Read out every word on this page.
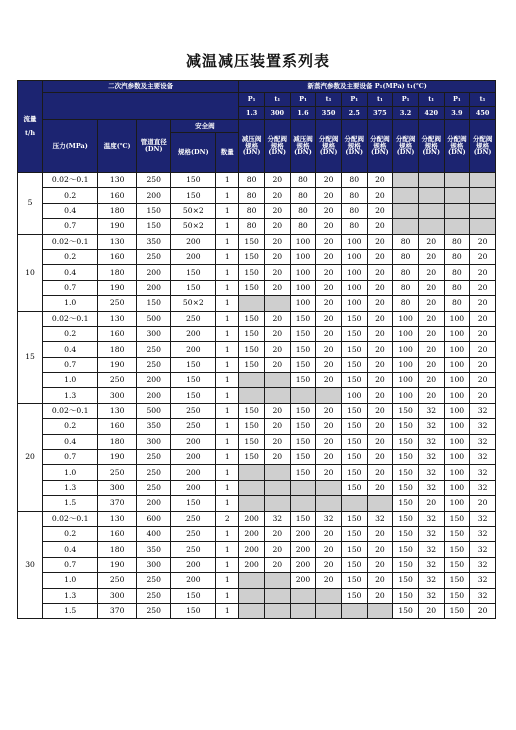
减温减压装置系列表
流量

t/h	二次汽参数及主要设备					新蒸汽参数及主要设备 P₁(MPa) t₁(℃)									
						P₁	t₁	P₁	t₁	P₁	t₁	P₁	t₁	P₁	t₁
						1.3	300	1.6	350	2.5	375	3.2	420	3.9	450
	压力(MPa)	温度(℃)	管道直径(DN)	安全阀		减压阀规格(DN)	分配阀规格(DN)	减压阀规格(DN)	分配阀规格(DN)	分配阀规格(DN)	分配阀规格(DN)	分配阀规格(DN)	分配阀规格(DN)	分配阀规格(DN)	分配阀规格(DN)
				规格(DN)	数量										
5	0.02～0.1	130	250	150	1	80	20	80	20	80	20				
	0.2	160	200	150	1	80	20	80	20	80	20				
	0.4	180	150	50×2	1	80	20	80	20	80	20				
	0.7	190	150	50×2	1	80	20	80	20	80	20				
10	0.02～0.1	130	350	200	1	150	20	100	20	100	20	80	20	80	20
	0.2	160	250	200	1	150	20	100	20	100	20	80	20	80	20
	0.4	180	200	150	1	150	20	100	20	100	20	80	20	80	20
	0.7	190	200	150	1	150	20	100	20	100	20	80	20	80	20
	1.0	250	150	50×2	1			100	20	100	20	80	20	80	20
15	0.02～0.1	130	500	250	1	150	20	150	20	150	20	100	20	100	20
	0.2	160	300	200	1	150	20	150	20	150	20	100	20	100	20
	0.4	180	250	200	1	150	20	150	20	150	20	100	20	100	20
	0.7	190	250	150	1	150	20	150	20	150	20	100	20	100	20
	1.0	250	200	150	1			150	20	150	20	100	20	100	20
	1.3	300	200	150	1					100	20	100	20	100	20
20	0.02～0.1	130	500	250	1	150	20	150	20	150	20	150	32	100	32
	0.2	160	350	250	1	150	20	150	20	150	20	150	32	100	32
	0.4	180	300	200	1	150	20	150	20	150	20	150	32	100	32
	0.7	190	250	200	1	150	20	150	20	150	20	150	32	100	32
	1.0	250	250	200	1			150	20	150	20	150	32	100	32
	1.3	300	250	200	1					150	20	150	32	100	32
	1.5	370	200	150	1							150	20	100	20
30	0.02～0.1	130	600	250	2	200	32	150	32	150	32	150	32	150	32
	0.2	160	400	250	1	200	20	200	20	150	20	150	32	150	32
	0.4	180	350	250	1	200	20	200	20	150	20	150	32	150	32
	0.7	190	300	200	1	200	20	200	20	150	20	150	32	150	32
	1.0	250	250	200	1			200	20	150	20	150	32	150	32
	1.3	300	250	150	1					150	20	150	32	150	32
	1.5	370	250	150	1							150	20	150	20
